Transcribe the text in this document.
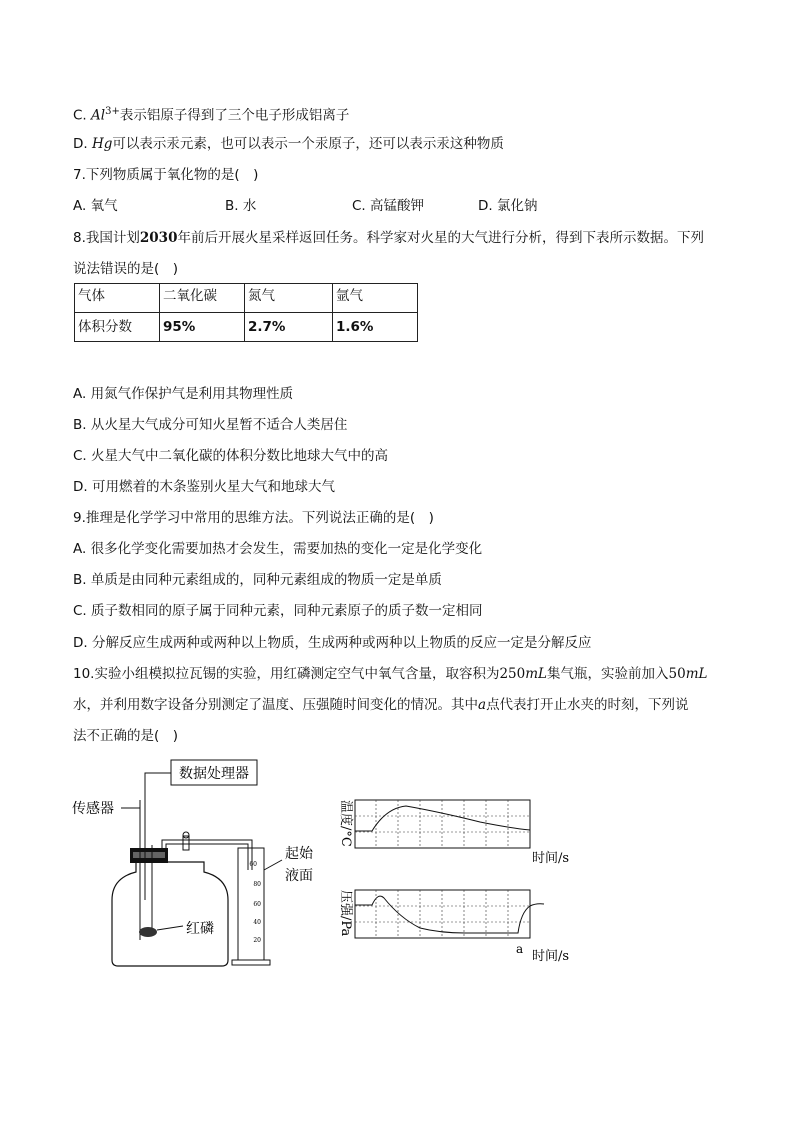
C. $Al^{3+}$表示铝原子得到了三个电子形成铝离子
D. Hg可以表示汞元素，也可以表示一个汞原子，还可以表示汞这种物质
7.下列物质属于氧化物的是(　)
A. 氧气	B. 水	C. 高锰酸钾	D. 氯化钠
8.我国计划2030年前后开展火星采样返回任务。科学家对火星的大气进行分析，得到下表所示数据。下列
说法错误的是(　)
气体	二氧化碳	氮气	氩气
体积分数	95%	2.7%	1.6%
A. 用氮气作保护气是利用其物理性质
B. 从火星大气成分可知火星暂不适合人类居住
C. 火星大气中二氧化碳的体积分数比地球大气中的高
D. 可用燃着的木条鉴别火星大气和地球大气
9.推理是化学学习中常用的思维方法。下列说法正确的是(　)
A. 很多化学变化需要加热才会发生，需要加热的变化一定是化学变化
B. 单质是由同种元素组成的，同种元素组成的物质一定是单质
C. 质子数相同的原子属于同种元素，同种元素原子的质子数一定相同
D. 分解反应生成两种或两种以上物质，生成两种或两种以上物质的反应一定是分解反应
10.实验小组模拟拉瓦锡的实验，用红磷测定空气中氧气含量，取容积为250mL集气瓶，实验前加入50mL
水，并利用数字设备分别测定了温度、压强随时间变化的情况。其中a点代表打开止水夹的时刻，下列说
法不正确的是(　)
数据处理器
传感器
红磷
60
80
60
40
20
起始
液面
温度/°C
时间/s
压强/Pa
a 时间/s
